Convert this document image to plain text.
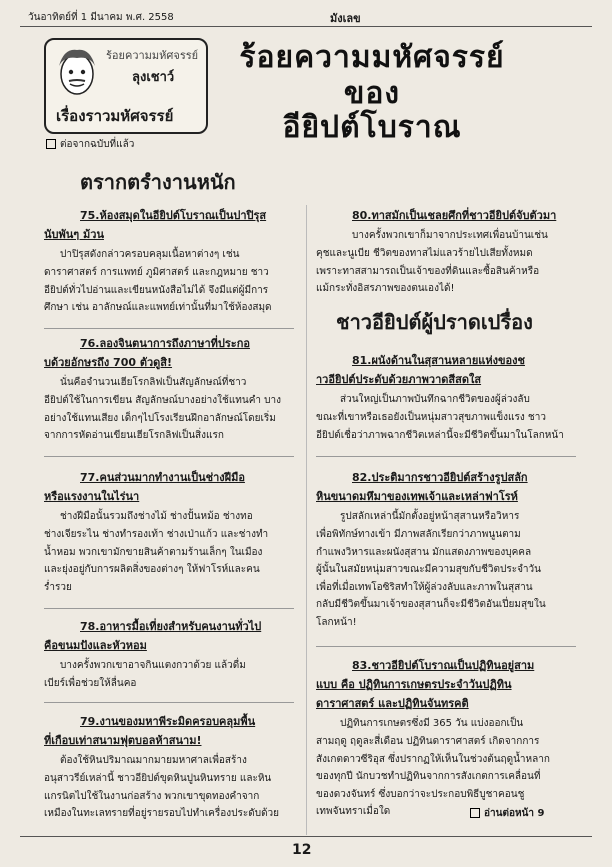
วันอาทิตย์ที่ 1 มีนาคม พ.ศ. 2558	มังเลข
ร้อยความมหัศจรรย์
ลุงเชาว์
เรื่องราวมหัศจรรย์
ร้อยความมหัศจรรย์
ของ
อียิปต์โบราณ
ต่อจากฉบับที่แล้ว
ตรากตรำงานหนัก
75.ห้องสมุดในอียิปต์โบราณเป็นปาปิรุส
นับพันๆ ม้วน
ปาปิรุสดังกล่าวครอบคลุมเนื้อหาต่างๆ เช่น
ดาราศาสตร์ การแพทย์ ภูมิศาสตร์ และกฎหมาย ชาว
อียิปต์ทั่วไปอ่านและเขียนหนังสือไม่ได้ จึงมีแต่ผู้มีการ
ศึกษา เช่น อาลักษณ์และแพทย์เท่านั้นที่มาใช้ห้องสมุด
76.ลองจินตนาการถึงภาษาที่ประกอ
บด้วยอักษรถึง 700 ตัวดูสิ!
นั่นคือจำนวนเฮียโรกลิฟเป็นสัญลักษณ์ที่ชาว
อียิปต์ใช้ในการเขียน สัญลักษณ์บางอย่างใช้แทนคำ บาง
อย่างใช้แทนเสียง เด็กๆไปโรงเรียนฝึกอาลักษณ์โดยเริ่ม
จากการหัดอ่านเขียนเฮียโรกลิฟเป็นสิ่งแรก
77.คนส่วนมากทำงานเป็นช่างฝีมือ
หรือแรงงานในไร่นา
ช่างฝีมือนั้นรวมถึงช่างไม้ ช่างปั้นหม้อ ช่างทอ
ช่างเจียระไน ช่างทำรองเท้า ช่างเป่าแก้ว และช่างทำ
น้ำหอม พวกเขามักขายสินค้าตามร้านเล็กๆ ในเมือง
และยุ่งอยู่กับการผลิตสิ่งของต่างๆ ให้ฟาโรห์และคน
ร่ำรวย
78.อาหารมื้อเที่ยงสำหรับคนงานทั่วไป
คือขนมปังและหัวหอม
บางครั้งพวกเขาอาจกินแตงกวาด้วย แล้วดื่ม
เบียร์เพื่อช่วยให้ลื่นคอ
79.งานของมหาพีระมิดครอบคลุมพื้น
ที่เกือบเท่าสนามฟุตบอลห้าสนาม!
ต้องใช้หินปริมาณมากมายมหาศาลเพื่อสร้าง
อนุสาวรีย์เหล่านี้ ชาวอียิปต์ขุดหินปูนหินทราย และหิน
แกรนิตไปใช้ในงานก่อสร้าง พวกเขาขุดทองคำจาก
เหมืองในทะเลทรายที่อยู่รายรอบไปทำเครื่องประดับด้วย
80.ทาสมักเป็นเชลยศึกที่ชาวอียิปต์จับตัวมา
บางครั้งพวกเขาก็มาจากประเทศเพื่อนบ้านเช่น
คุชและนูเบีย ชีวิตของทาสไม่แลวร้ายไปเสียทั้งหมด
เพราะทาสสามารถเป็นเจ้าของที่ดินและซื้อสินค้าหรือ
แม้กระทั่งอิสรภาพของตนเองได้!
ชาวอียิปต์ผู้ปราดเปรื่อง
81.ผนังด้านในสุสานหลายแห่งของช
าวอียิปต์ประดับด้วยภาพวาดสีสดใส
ส่วนใหญ่เป็นภาพบันทึกฉากชีวิตของผู้ล่วงลับ
ขณะที่เขาหรือเธอยังเป็นหนุ่มสาวสุขภาพแข็งแรง ชาว
อียิปต์เชื่อว่าภาพฉากชีวิตเหล่านี้จะมีชีวิตขึ้นมาในโลกหน้า
82.ประติมากรชาวอียิปต์สร้างรูปสลัก
หินขนาดมหึมาของเทพเจ้าและเหล่าฟาโรห์
รูปสลักเหล่านี้มักตั้งอยู่หน้าสุสานหรือวิหาร
เพื่อพิทักษ์ทางเข้า มีภาพสลักเรียกว่าภาพนูนตาม
กำแพงวิหารและผนังสุสาน มักแสดงภาพของบุคคล
ผู้นั้นในสมัยหนุ่มสาวขณะมีความสุขกับชีวิตประจำวัน
เพื่อที่เมื่อเทพโอซิริสทำให้ผู้ล่วงลับและภาพในสุสาน
กลับมีชีวิตขึ้นมาเจ้าของสุสานก็จะมีชีวิตอันเปี่ยมสุขใน
โลกหน้า!
83.ชาวอียิปต์โบราณเป็นปฏิทินอยู่สาม
แบบ คือ ปฏิทินการเกษตรประจำวันปฏิทิน
ดาราศาสตร์ และปฏิทินจันทรคติ
ปฏิทินการเกษตรซึ่งมี 365 วัน แบ่งออกเป็น
สามฤดู ฤดูละสี่เดือน ปฏิทินดาราศาสตร์ เกิดจากการ
สังเกตดาวซีริอุส ซึ่งปรากฏให้เห็นในช่วงต้นฤดูน้ำหลาก
ของทุกปี นักบวชทำปฏิทินจากการสังเกตการเคลื่อนที่
ของดวงจันทร์ ซึ่งบอกว่าจะประกอบพิธีบูชาคอนชู
เทพจันทราเมื่อใด	อ่านต่อหน้า 9
12
